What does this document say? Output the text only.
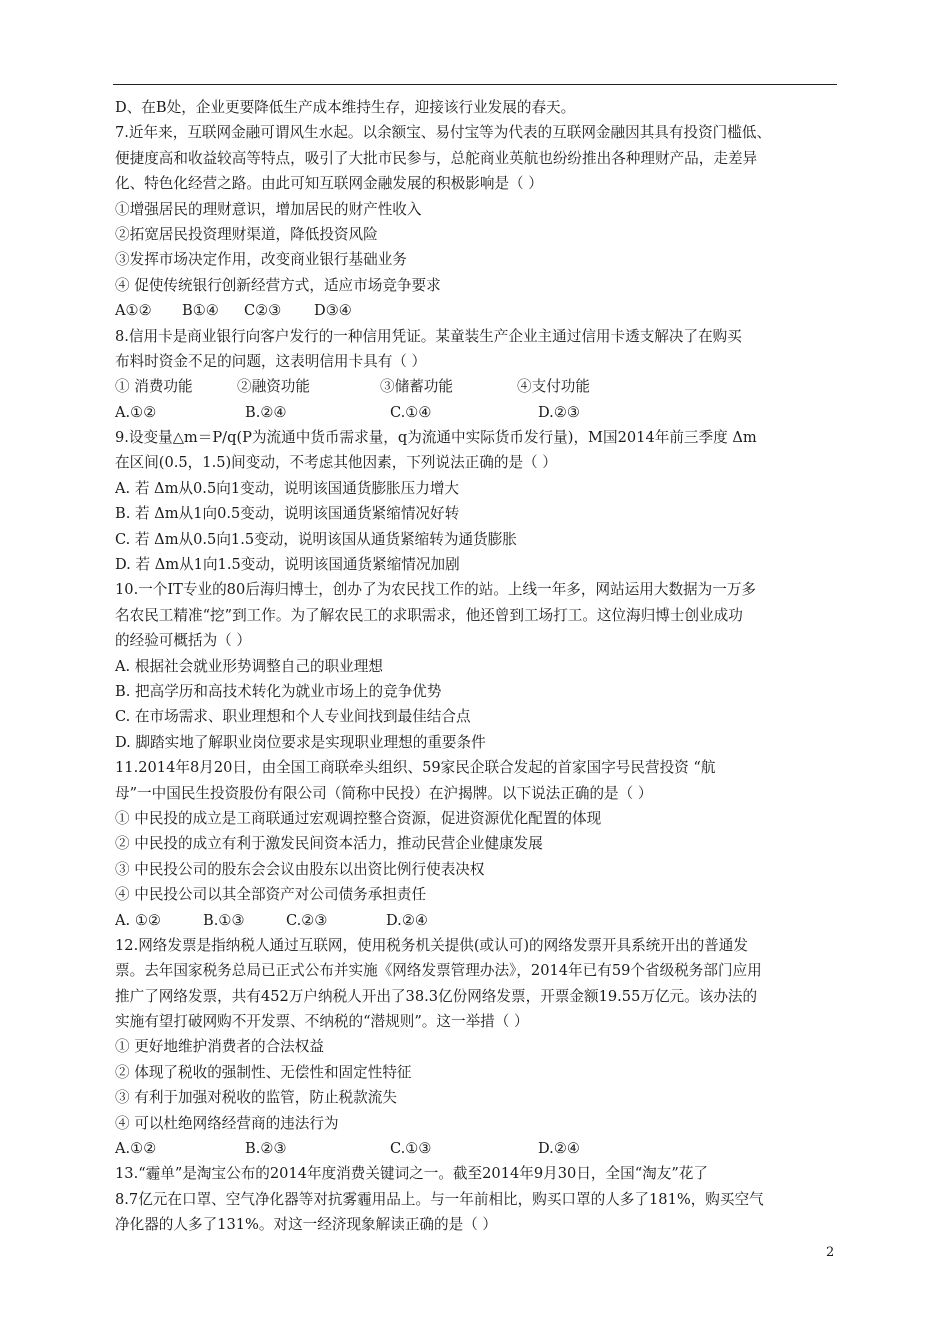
D、在B处，企业更要降低生产成本维持生存，迎接该行业发展的春天。
7.近年来，互联网金融可谓风生水起。以余额宝、易付宝等为代表的互联网金融因其具有投资门槛低、
便捷度高和收益较高等特点，吸引了大批市民参与，总舵商业英航也纷纷推出各种理财产品，走差异
化、特色化经营之路。由此可知互联网金融发展的积极影响是（ ）
①增强居民的理财意识，增加居民的财产性收入
②拓宽居民投资理财渠道，降低投资风险
③发挥市场决定作用，改变商业银行基础业务
④ 促使传统银行创新经营方式，适应市场竞争要求
A①②	B①④	C②③	D③④
8.信用卡是商业银行向客户发行的一种信用凭证。某童装生产企业主通过信用卡透支解决了在购买
布料时资金不足的问题，这表明信用卡具有（ ）
① 消费功能	②融资功能	③储蓄功能	④支付功能
A.①②	B.②④	C.①④	D.②③
9.设变量△m＝P/q(P为流通中货币需求量，q为流通中实际货币发行量)，M国2014年前三季度 Δm
在区间(0.5，1.5)间变动，不考虑其他因素，下列说法正确的是（ ）
A. 若 Δm从0.5向1变动，说明该国通货膨胀压力增大
B. 若 Δm从1向0.5变动，说明该国通货紧缩情况好转
C. 若 Δm从0.5向1.5变动，说明该国从通货紧缩转为通货膨胀
D. 若 Δm从1向1.5变动，说明该国通货紧缩情况加剧
10.一个IT专业的80后海归博士，创办了为农民找工作的站。上线一年多，网站运用大数据为一万多
名农民工精准“挖”到工作。为了解农民工的求职需求，他还曾到工场打工。这位海归博士创业成功
的经验可概括为（ ）
A. 根据社会就业形势调整自己的职业理想
B. 把高学历和高技术转化为就业市场上的竞争优势
C. 在市场需求、职业理想和个人专业间找到最佳结合点
D. 脚踏实地了解职业岗位要求是实现职业理想的重要条件
11.2014年8月20日，由全国工商联牵头组织、59家民企联合发起的首家国字号民营投资 “航
母”一中国民生投资股份有限公司（简称中民投）在沪揭牌。以下说法正确的是（ ）
① 中民投的成立是工商联通过宏观调控整合资源，促进资源优化配置的体现
② 中民投的成立有利于激发民间资本活力，推动民营企业健康发展
③ 中民投公司的股东会会议由股东以出资比例行使表决权
④ 中民投公司以其全部资产对公司债务承担责任
A. ①②	B.①③	C.②③	D.②④
12.网络发票是指纳税人通过互联网，使用税务机关提供(或认可)的网络发票开具系统开出的普通发
票。去年国家税务总局已正式公布并实施《网络发票管理办法》，2014年已有59个省级税务部门应用
推广了网络发票，共有452万户纳税人开出了38.3亿份网络发票，开票金额19.55万亿元。该办法的
实施有望打破网购不开发票、不纳税的“潜规则”。这一举措（ ）
① 更好地维护消费者的合法权益
② 体现了税收的强制性、无偿性和固定性特征
③ 有利于加强对税收的监管，防止税款流失
④ 可以杜绝网络经营商的违法行为
A.①②	B.②③	C.①③	D.②④
13.“霾单”是淘宝公布的2014年度消费关键词之一。截至2014年9月30日，全国“淘友”花了
8.7亿元在口罩、空气净化器等对抗雾霾用品上。与一年前相比，购买口罩的人多了181%，购买空气
净化器的人多了131%。对这一经济现象解读正确的是（ ）
2
